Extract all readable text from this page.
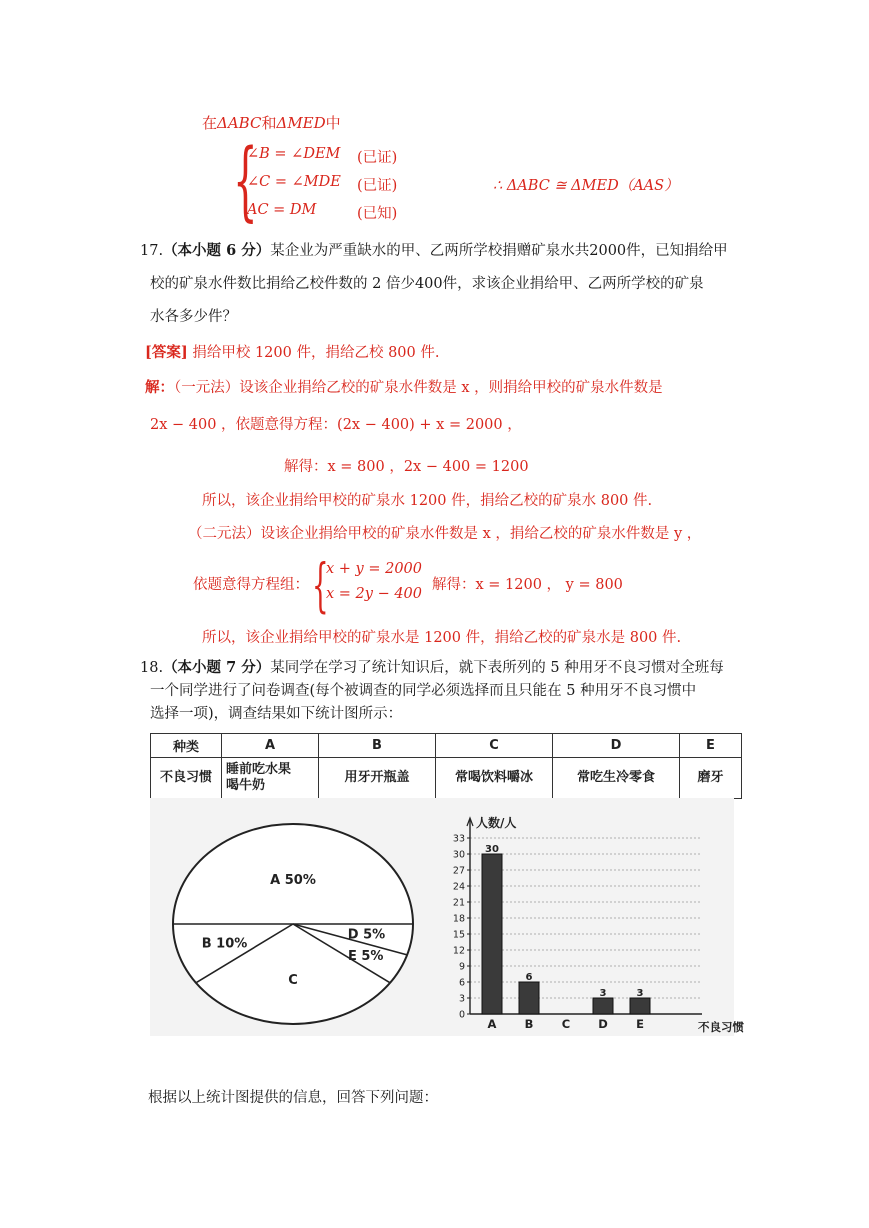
在ΔABC和ΔMED中
{
∠B = ∠DEM (已证)
∠C = ∠MDE (已证)
AC = DM	(已知)
∴ ΔABC ≅ ΔMED（AAS）
17.（本小题 6 分）某企业为严重缺水的甲、乙两所学校捐赠矿泉水共2000件，已知捐给甲
校的矿泉水件数比捐给乙校件数的 2 倍少400件，求该企业捐给甲、乙两所学校的矿泉
水各多少件？
[答案] 捐给甲校 1200 件，捐给乙校 800 件.
解：（一元法）设该企业捐给乙校的矿泉水件数是 x ，则捐给甲校的矿泉水件数是
2x − 400 ，依题意得方程：(2x − 400) + x = 2000 ，
解得：x = 800 ，2x − 400 = 1200
所以，该企业捐给甲校的矿泉水 1200 件，捐给乙校的矿泉水 800 件.
（二元法）设该企业捐给甲校的矿泉水件数是 x ，捐给乙校的矿泉水件数是 y ，
依题意得方程组： {
x + y = 2000
x = 2y − 400
解得：x = 1200 ， y = 800
所以，该企业捐给甲校的矿泉水是 1200 件，捐给乙校的矿泉水是 800 件.
18.（本小题 7 分）某同学在学习了统计知识后，就下表所列的 5 种用牙不良习惯对全班每
一个同学进行了问卷调查(每个被调查的同学必须选择而且只能在 5 种用牙不良习惯中
选择一项)，调查结果如下统计图所示：
种类	A	B	C	D	E
不良习惯	睡前吃水果
喝牛奶	用牙开瓶盖	常喝饮料嚼冰	常吃生冷零食	磨牙
A 50%
B 10%
C
D 5%
E 5%
0
3
6
9
12
15
18
21
24
27
30
33
人数/人
不良习惯
30
A
6
B C
3
D
3
E
根据以上统计图提供的信息，回答下列问题：
